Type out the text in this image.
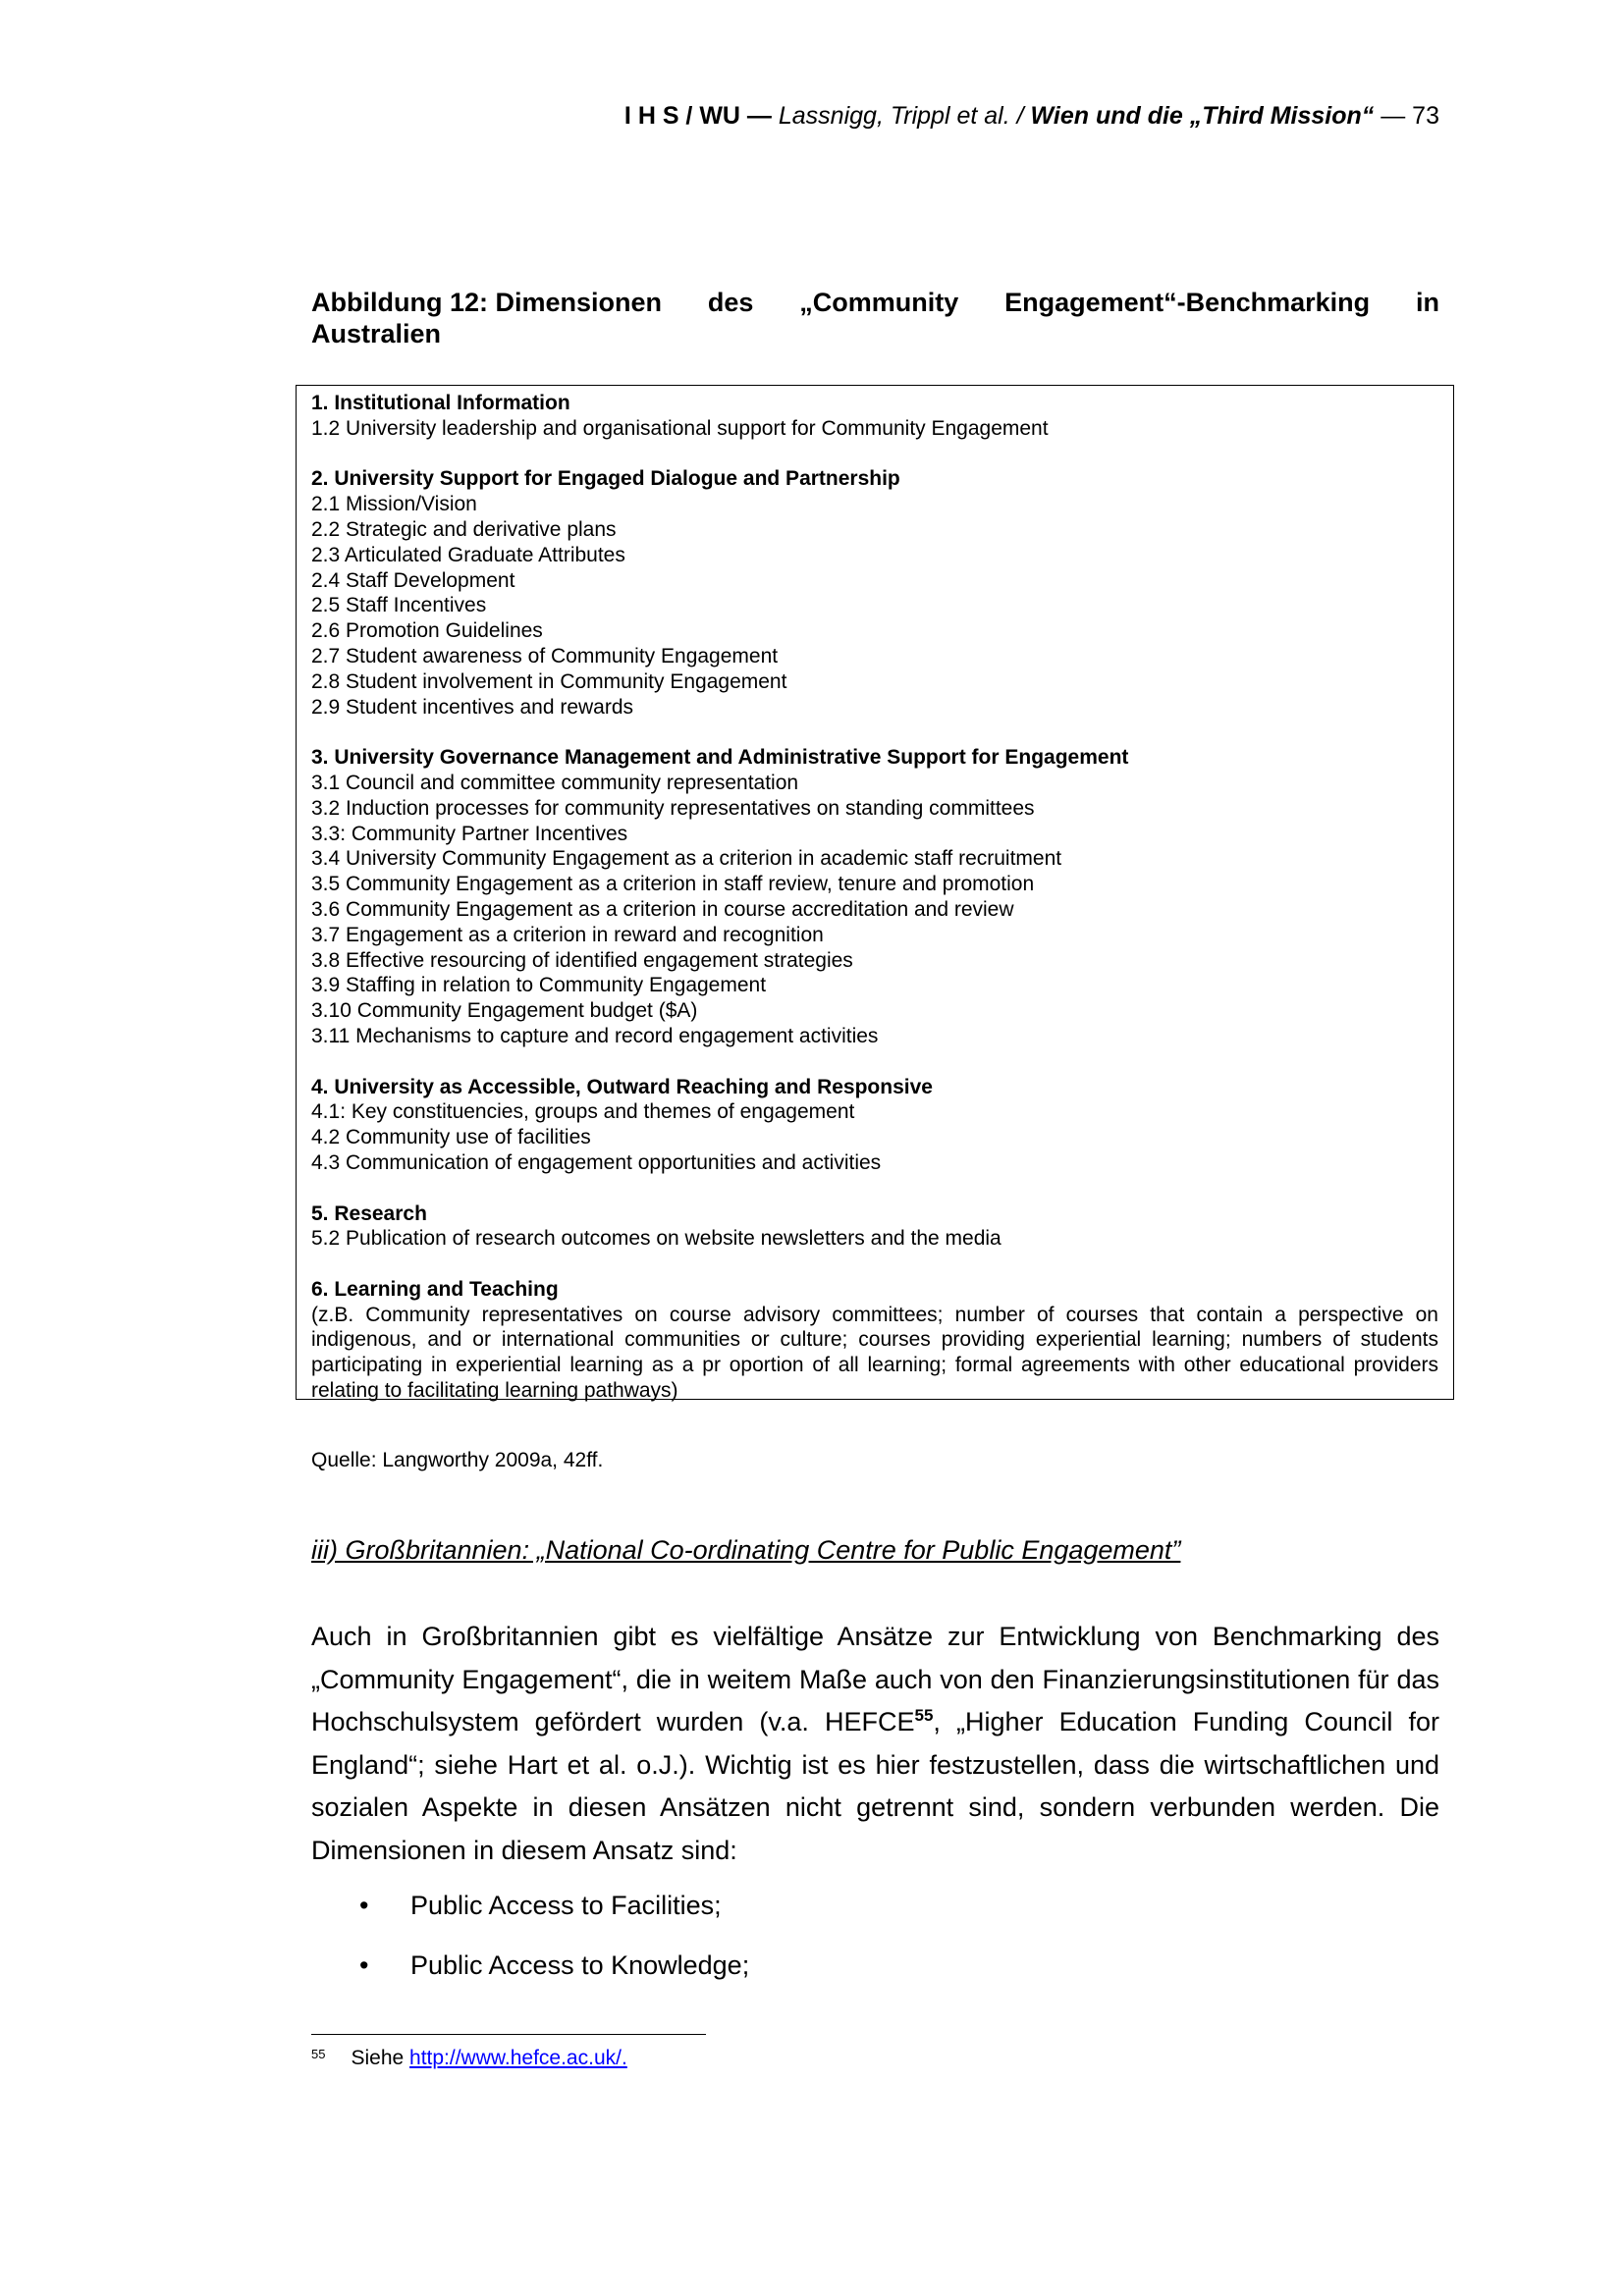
I H S / WU — Lassnigg, Trippl et al. / Wien und die „Third Mission“ — 73
Abbildung 12: Dimensionen des „Community Engagement“-Benchmarking in
Australien
1. Institutional Information
1.2 University leadership and organisational support for Community Engagement
2. University Support for Engaged Dialogue and Partnership
2.1 Mission/Vision
2.2 Strategic and derivative plans
2.3 Articulated Graduate Attributes
2.4 Staff Development
2.5 Staff Incentives
2.6 Promotion Guidelines
2.7 Student awareness of Community Engagement
2.8 Student involvement in Community Engagement
2.9 Student incentives and rewards
3. University Governance Management and Administrative Support for Engagement
3.1 Council and committee community representation
3.2 Induction processes for community representatives on standing committees
3.3: Community Partner Incentives
3.4 University Community Engagement as a criterion in academic staff recruitment
3.5 Community Engagement as a criterion in staff review, tenure and promotion
3.6 Community Engagement as a criterion in course accreditation and review
3.7 Engagement as a criterion in reward and recognition
3.8 Effective resourcing of identified engagement strategies
3.9 Staffing in relation to Community Engagement
3.10 Community Engagement budget ($A)
3.11 Mechanisms to capture and record engagement activities
4. University as Accessible, Outward Reaching and Responsive
4.1: Key constituencies, groups and themes of engagement
4.2 Community use of facilities
4.3 Communication of engagement opportunities and activities
5. Research
5.2 Publication of research outcomes on website newsletters and the media
6. Learning and Teaching
(z.B. Community representatives on course advisory committees; number of courses that contain a perspective on indigenous, and or international communities or culture; courses providing experiential learning; numbers of students participating in experiential learning as a pr oportion of all learning; formal agreements with other educational providers relating to facilitating learning pathways)
Quelle: Langworthy 2009a, 42ff.
iii) Großbritannien: „National Co-ordinating Centre for Public Engagement”
Auch in Großbritannien gibt es vielfältige Ansätze zur Entwicklung von Benchmarking des „Community Engagement“, die in weitem Maße auch von den Finanzierungsinstitutionen für das Hochschulsystem gefördert wurden (v.a. HEFCE$^{55}$, „Higher Education Funding Council for England“; siehe Hart et al. o.J.). Wichtig ist es hier festzustellen, dass die wirtschaftlichen und sozialen Aspekte in diesen Ansätzen nicht getrennt sind, sondern verbunden werden. Die Dimensionen in diesem Ansatz sind:
• Public Access to Facilities;
• Public Access to Knowledge;
$^{55}$ Siehe http://www.hefce.ac.uk/.
